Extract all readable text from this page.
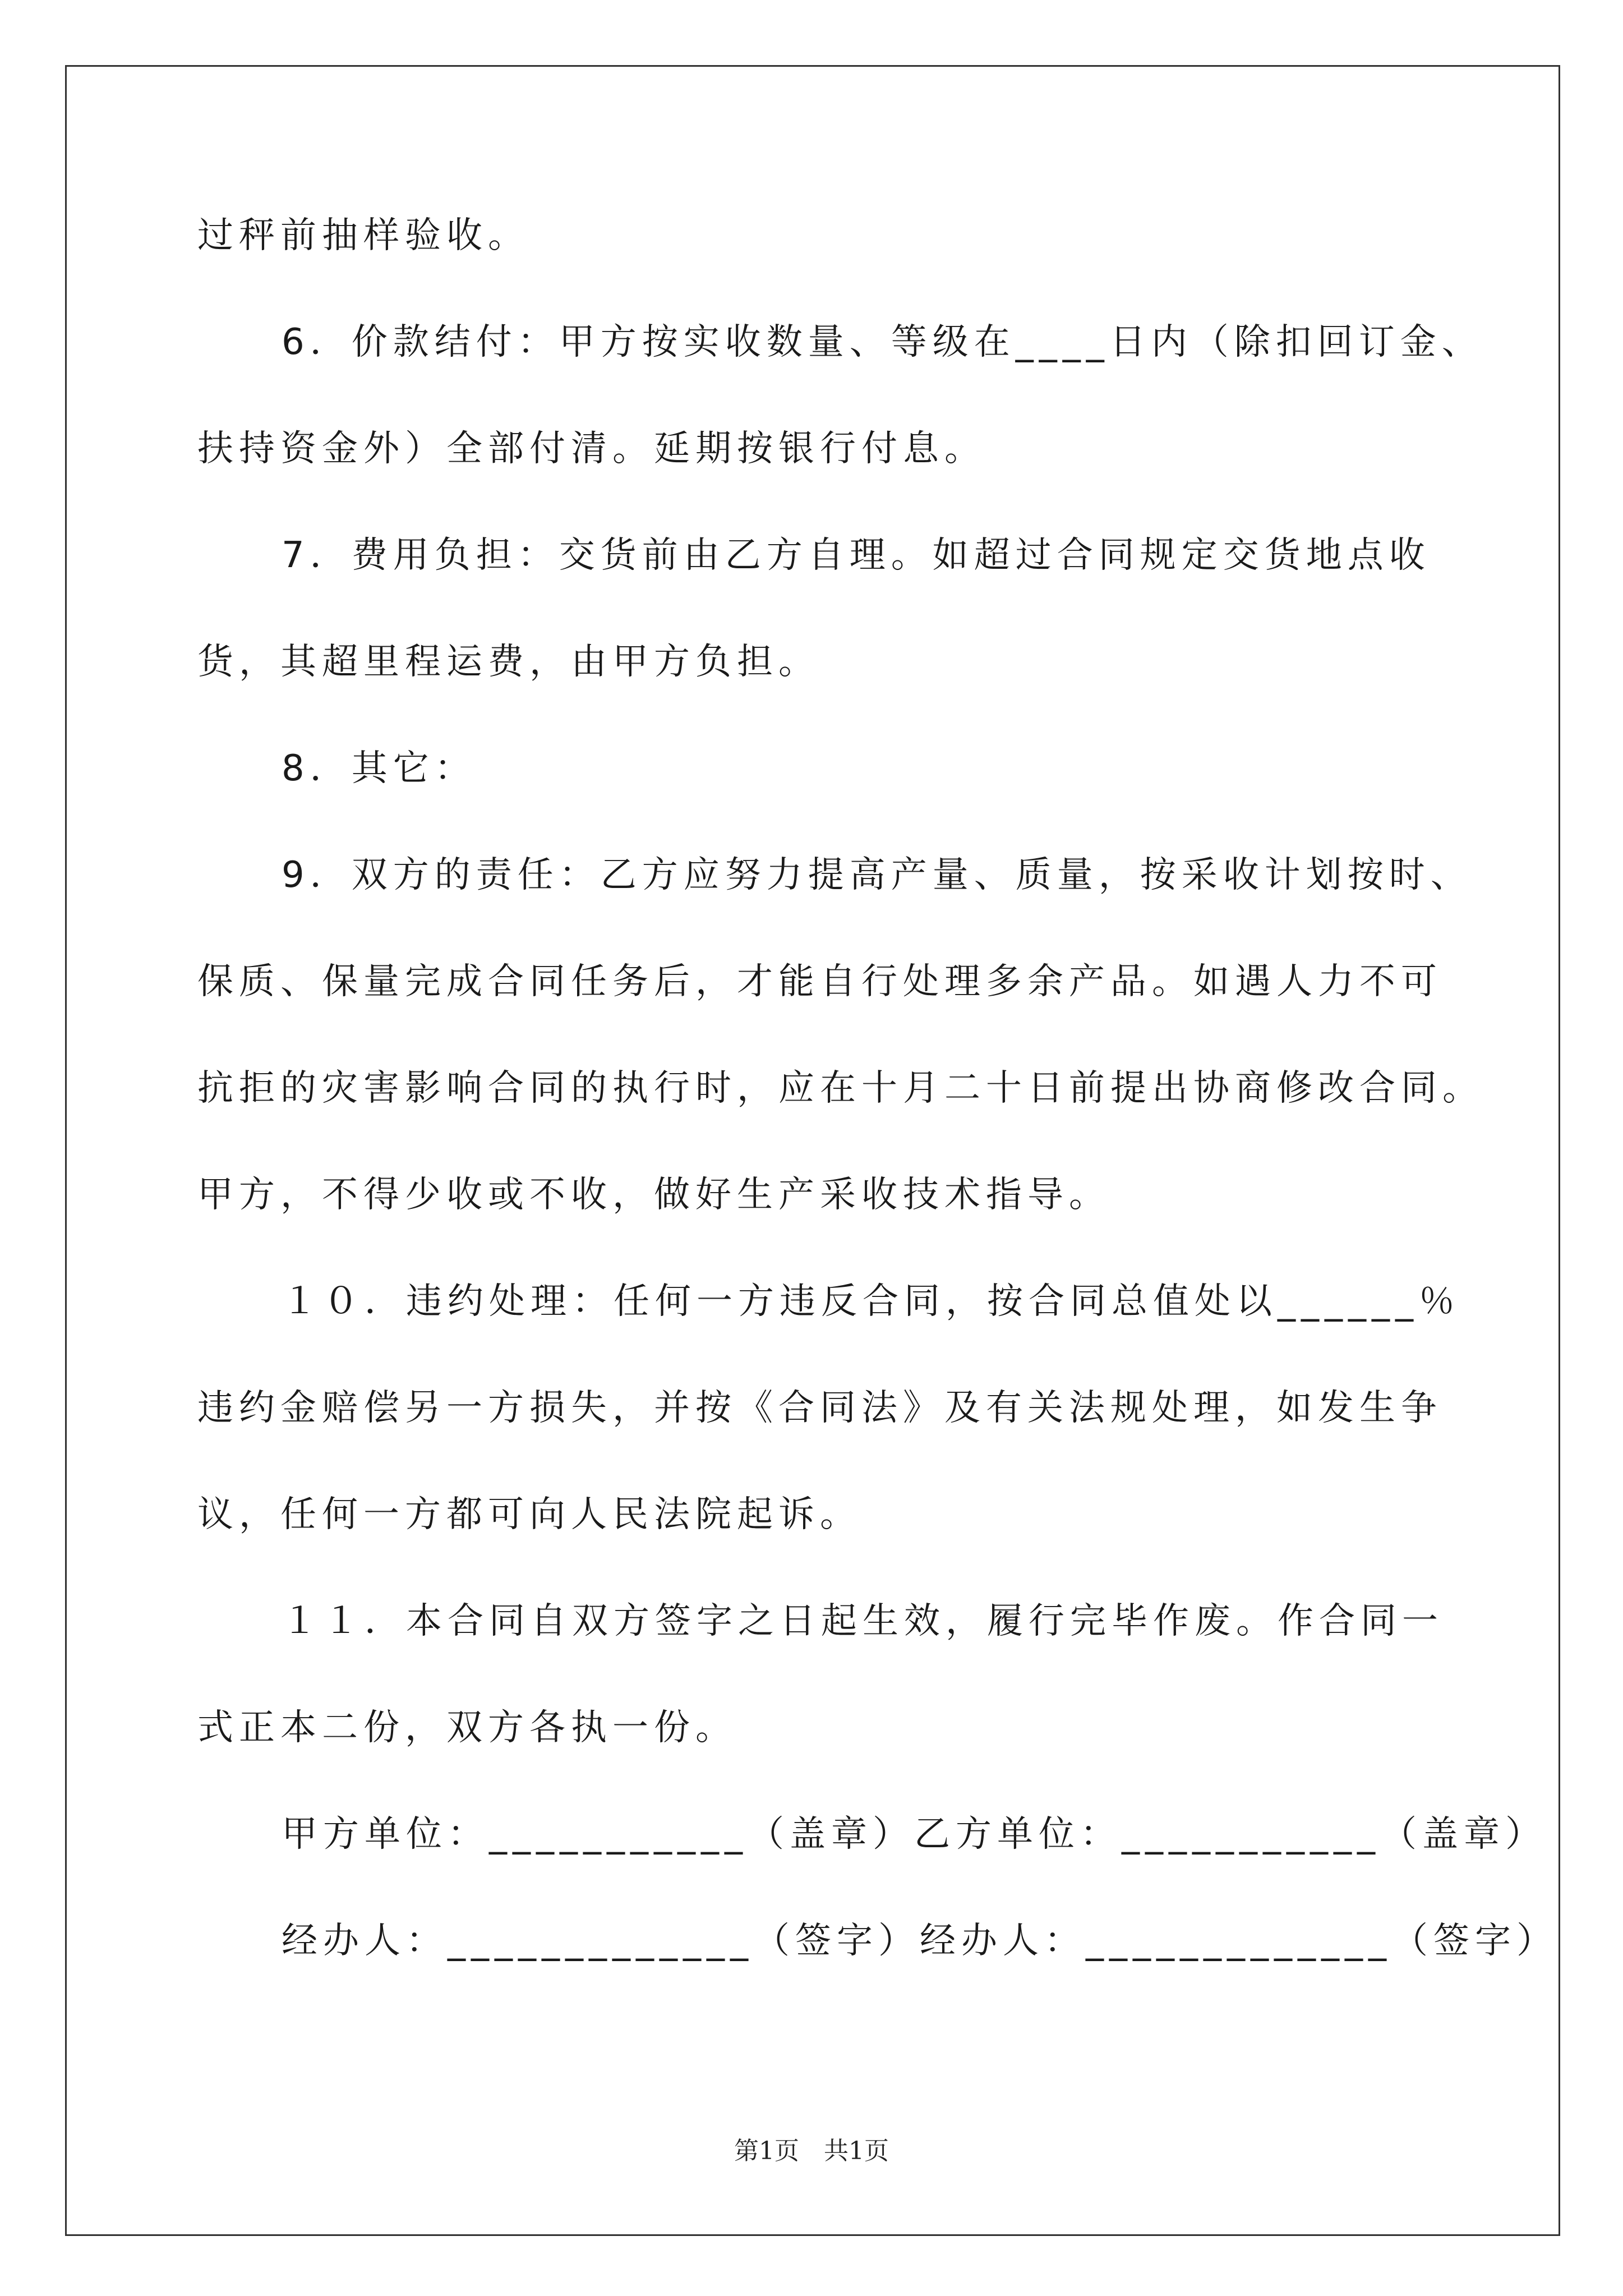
过秤前抽样验收。
6．价款结付：甲方按实收数量、等级在____日内（除扣回订金、
扶持资金外）全部付清。延期按银行付息。
7．费用负担：交货前由乙方自理。如超过合同规定交货地点收
货，其超里程运费，由甲方负担。
8．其它：
9．双方的责任：乙方应努力提高产量、质量，按采收计划按时、
保质、保量完成合同任务后，才能自行处理多余产品。如遇人力不可
抗拒的灾害影响合同的执行时，应在十月二十日前提出协商修改合同。
甲方，不得少收或不收，做好生产采收技术指导。
１０．违约处理：任何一方违反合同，按合同总值处以______％
违约金赔偿另一方损失，并按《合同法》及有关法规处理，如发生争
议，任何一方都可向人民法院起诉。
１１．本合同自双方签字之日起生效，履行完毕作废。作合同一
式正本二份，双方各执一份。
甲方单位：___________（盖章）乙方单位：___________（盖章）
经办人：_____________（签字）经办人：_____________（签字）
第1页　共1页
